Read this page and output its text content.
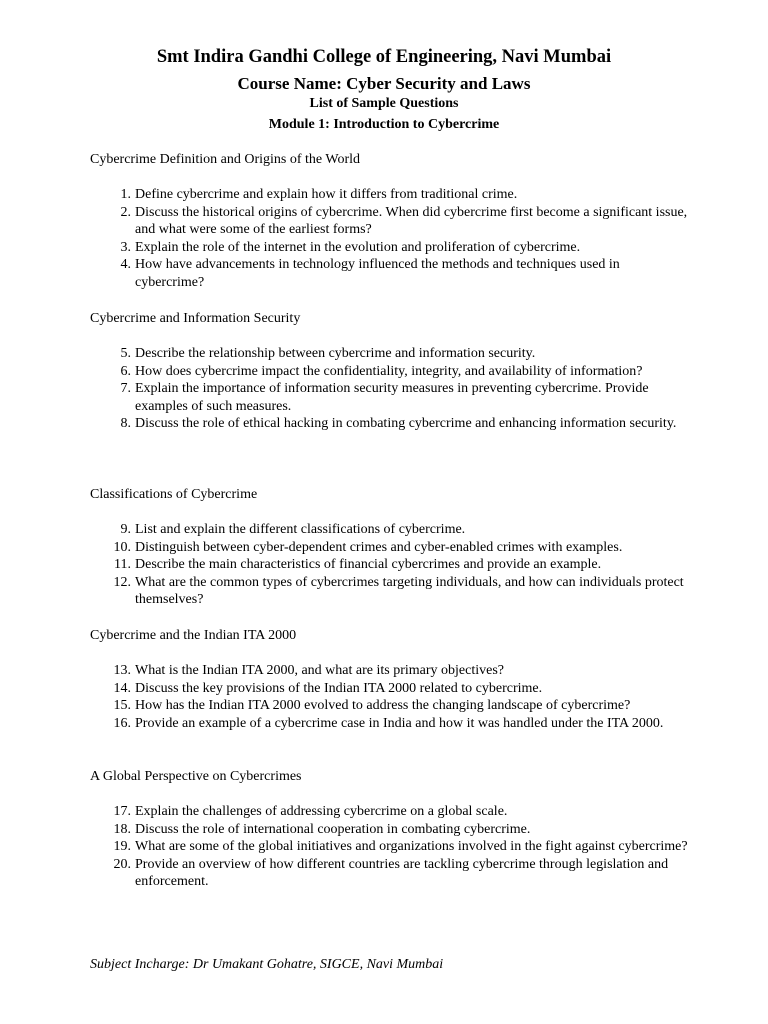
Smt Indira Gandhi College of Engineering, Navi Mumbai
Course Name: Cyber Security and Laws
List of Sample Questions
Module 1: Introduction to Cybercrime
Cybercrime Definition and Origins of the World
1. Define cybercrime and explain how it differs from traditional crime.
2. Discuss the historical origins of cybercrime. When did cybercrime first become a significant issue, and what were some of the earliest forms?
3. Explain the role of the internet in the evolution and proliferation of cybercrime.
4. How have advancements in technology influenced the methods and techniques used in cybercrime?
Cybercrime and Information Security
5. Describe the relationship between cybercrime and information security.
6. How does cybercrime impact the confidentiality, integrity, and availability of information?
7. Explain the importance of information security measures in preventing cybercrime. Provide examples of such measures.
8. Discuss the role of ethical hacking in combating cybercrime and enhancing information security.
Classifications of Cybercrime
9. List and explain the different classifications of cybercrime.
10. Distinguish between cyber-dependent crimes and cyber-enabled crimes with examples.
11. Describe the main characteristics of financial cybercrimes and provide an example.
12. What are the common types of cybercrimes targeting individuals, and how can individuals protect themselves?
Cybercrime and the Indian ITA 2000
13. What is the Indian ITA 2000, and what are its primary objectives?
14. Discuss the key provisions of the Indian ITA 2000 related to cybercrime.
15. How has the Indian ITA 2000 evolved to address the changing landscape of cybercrime?
16. Provide an example of a cybercrime case in India and how it was handled under the ITA 2000.
A Global Perspective on Cybercrimes
17. Explain the challenges of addressing cybercrime on a global scale.
18. Discuss the role of international cooperation in combating cybercrime.
19. What are some of the global initiatives and organizations involved in the fight against cybercrime?
20. Provide an overview of how different countries are tackling cybercrime through legislation and enforcement.
Subject Incharge: Dr Umakant Gohatre, SIGCE, Navi Mumbai
